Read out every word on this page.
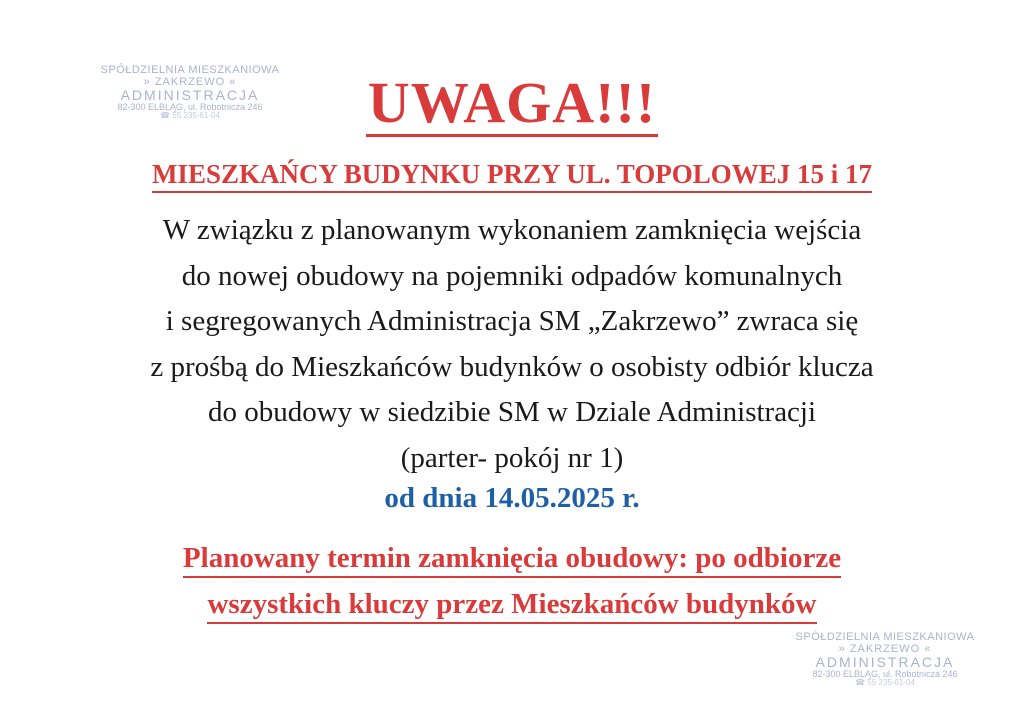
SPÓŁDZIELNIA MIESZKANIOWA
» ZAKRZEWO «
ADMINISTRACJA
82-300 ELBLĄG, ul. Robotnicza 246
☎ 55 235-61-04	UWAGA!!!
MIESZKAŃCY BUDYNKU PRZY UL. TOPOLOWEJ 15 i 17
W związku z planowanym wykonaniem zamknięcia wejścia
do nowej obudowy na pojemniki odpadów komunalnych
i segregowanych Administracja SM „Zakrzewo” zwraca się
z prośbą do Mieszkańców budynków o osobisty odbiór klucza
do obudowy w siedzibie SM w Dziale Administracji
(parter- pokój nr 1)
od dnia 14.05.2025 r.
Planowany termin zamknięcia obudowy: po odbiorze
wszystkich kluczy przez Mieszkańców budynków
SPÓŁDZIELNIA MIESZKANIOWA
» ZAKRZEWO «
ADMINISTRACJA
82-300 ELBLĄG, ul. Robotnicza 246
☎ 55 235-61-04
